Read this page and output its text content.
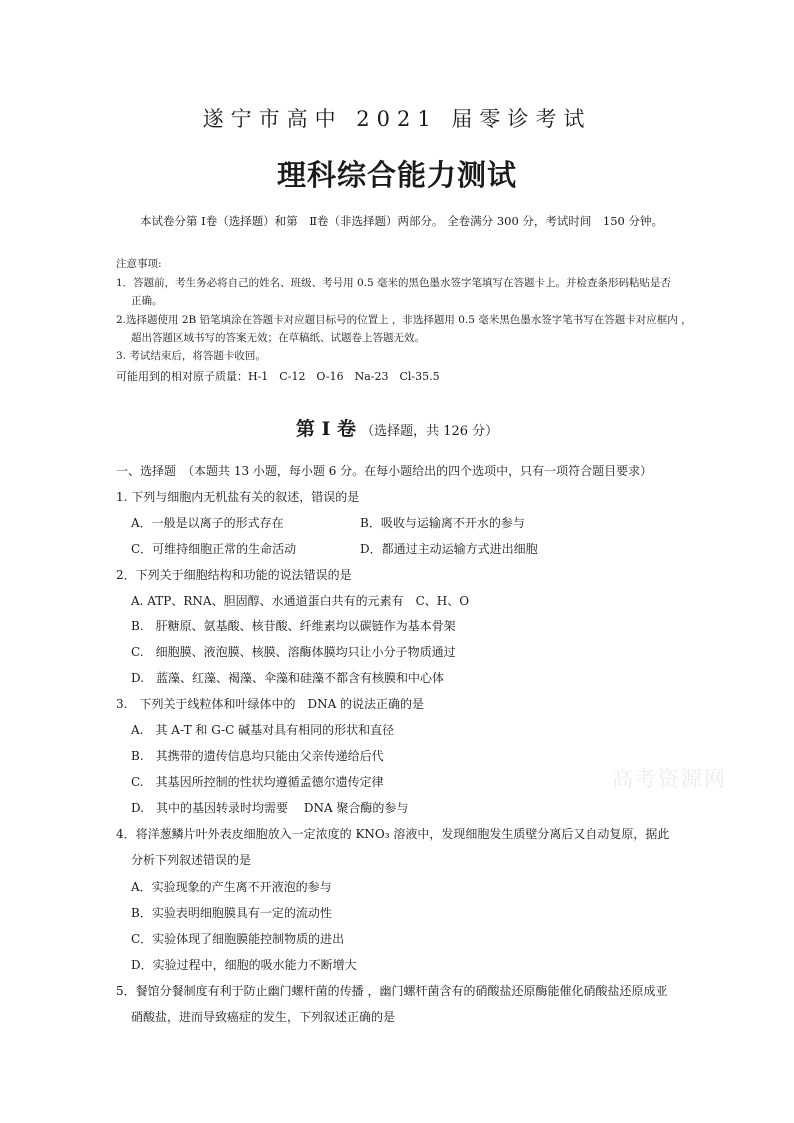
遂宁市高中 2021 届零诊考试
理科综合能力测试
本试卷分第 Ⅰ卷（选择题）和第　Ⅱ卷（非选择题）两部分。 全卷满分 300 分，考试时间　150 分钟。
注意事项:
1．答题前，考生务必将自己的姓名、班级、考号用 0.5 毫米的黑色墨水签字笔填写在答题卡上。并检查条形码粘贴是否
正确。
2.选择题使用 2B 铅笔填涂在答题卡对应题目标号的位置上 ，非选择题用 0.5 毫米黑色墨水签字笔书写在答题卡对应框内 ，
超出答题区域书写的答案无效；在草稿纸、试题卷上答题无效。
3. 考试结束后，将答题卡收回。
可能用到的相对原子质量：H-1　C-12　O-16　Na-23　Cl-35.5
第 I 卷 （选择题，共 126 分）
一、选择题　（本题共 13 小题，每小题 6 分。在每小题给出的四个选项中，只有一项符合题目要求）
1. 下列与细胞内无机盐有关的叙述，错误的是
A．一般是以离子的形式存在	B．吸收与运输离不开水的参与
C．可维持细胞正常的生命活动	D．都通过主动运输方式进出细胞
2．下列关于细胞结构和功能的说法错误的是
A. ATP、RNA、胆固醇、水通道蛋白共有的元素有　C、H、O
B.　肝糖原、氨基酸、核苷酸、纤维素均以碳链作为基本骨架
C.　细胞膜、液泡膜、核膜、溶酶体膜均只让小分子物质通过
D.　蓝藻、红藻、褐藻、伞藻和硅藻不都含有核膜和中心体
3.　下列关于线粒体和叶绿体中的　DNA 的说法正确的是
A.　其 A-T 和 G-C 碱基对具有相同的形状和直径
B.　其携带的遗传信息均只能由父亲传递给后代
C.　其基因所控制的性状均遵循孟德尔遗传定律
D.　其中的基因转录时均需要　 DNA 聚合酶的参与
4．将洋葱鳞片叶外表皮细胞放入一定浓度的 KNO₃ 溶液中，发现细胞发生质壁分离后又自动复原，据此
分析下列叙述错误的是
A．实验现象的产生离不开液泡的参与
B．实验表明细胞膜具有一定的流动性
C．实验体现了细胞膜能控制物质的进出
D．实验过程中，细胞的吸水能力不断增大
5．餐馆分餐制度有利于防止幽门螺杆菌的传播 ，幽门螺杆菌含有的硝酸盐还原酶能催化硝酸盐还原成亚
硝酸盐，进而导致癌症的发生，下列叙述正确的是
高考资源网
